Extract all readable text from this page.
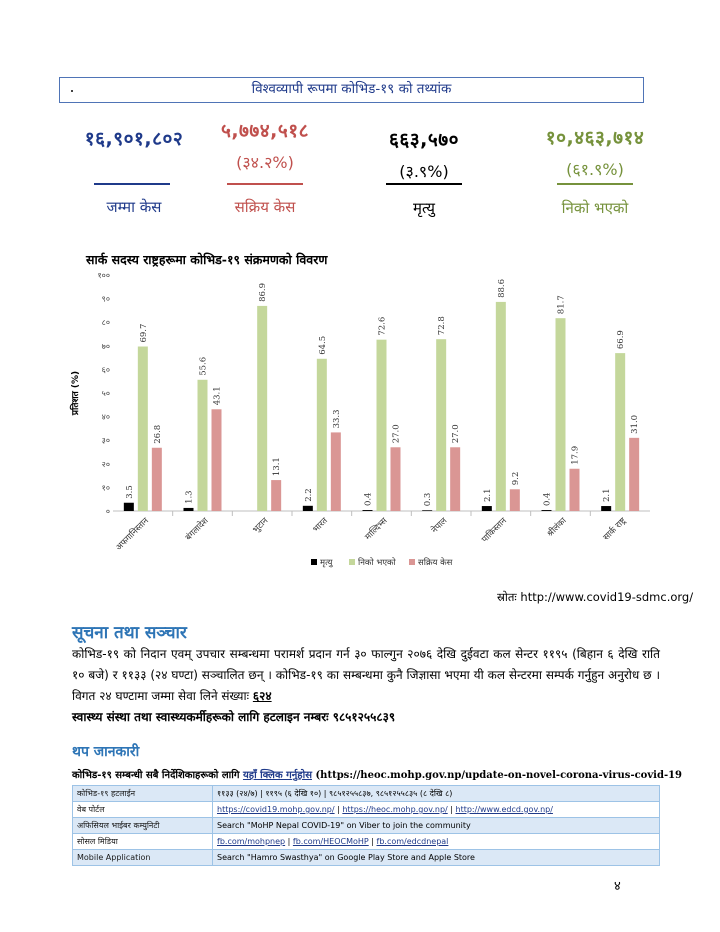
विश्वव्यापी रूपमा कोभिड-१९ को तथ्यांक
१६,९०१,८०२
जम्मा केस
५,७७४,५१८
(३४.२%)
सक्रिय केस
६६३,५७०
(३.९%)
मृत्यु
१०,४६३,७१४
(६१.९%)
निको भएको
सार्क सदस्य राष्ट्रहरूमा कोभिड-१९ संक्रमणको विवरण
०
१०
२०
३०
४०
५०
६०
७०
८०
९०
१००
प्रतिशत (%)
3.5
69.7
26.8
अफगानिस्तान
1.3
55.6
43.1
बंगलादेश
86.9
13.1
भुटान
2.2
64.5
33.3
भारत
0.4
72.6
27.0
माल्दिभ्स
0.3
72.8
27.0
नेपाल
2.1
88.6
9.2
पाकिस्तान
0.4
81.7
17.9
श्रीलंका
2.1
66.9
31.0
सार्क राष्ट्र
मृत्यु	निको भएको	सक्रिय केस
स्रोतः http://www.covid19-sdmc.org/
सूचना तथा सञ्चार
कोभिड-१९ को निदान एवम् उपचार सम्बन्धमा परामर्श प्रदान गर्न ३० फाल्गुन २०७६ देखि दुईवटा कल सेन्टर ११९५ (बिहान ६ देखि राति १० बजे) र ११३३ (२४ घण्टा) सञ्चालित छन् । कोभिड-१९ का सम्बन्धमा कुनै जिज्ञासा भएमा यी कल सेन्टरमा सम्पर्क गर्नुहुन अनुरोध छ । विगत २४ घण्टामा जम्मा सेवा लिने संख्याः ६२४
स्वास्थ्य संस्था तथा स्वास्थ्यकर्मीहरूको लागि हटलाइन नम्बरः ९८५१२५५८३९
थप जानकारी
कोभिड-१९ सम्बन्धी सबै निर्देशिकाहरूको लागि यहाँ क्लिक गर्नुहोस (https://heoc.mohp.gov.np/update-on-novel-corona-virus-covid-19
कोभिड-१९ हटलाईन	११३३ (२४/७) | ११९५ (६ देखि १०) | ९८५१२५५८३७, ९८५१२५५८३५ (८ देखि ८)
वेब पोर्टल	https://covid19.mohp.gov.np/ | https://heoc.mohp.gov.np/ | http://www.edcd.gov.np/
अफिसियल भाईबर कम्युनिटी	Search "MoHP Nepal COVID-19" on Viber to join the community
सोसल मिडिया	fb.com/mohpnep | fb.com/HEOCMoHP | fb.com/edcdnepal
Mobile Application	Search "Hamro Swasthya" on Google Play Store and Apple Store
४
